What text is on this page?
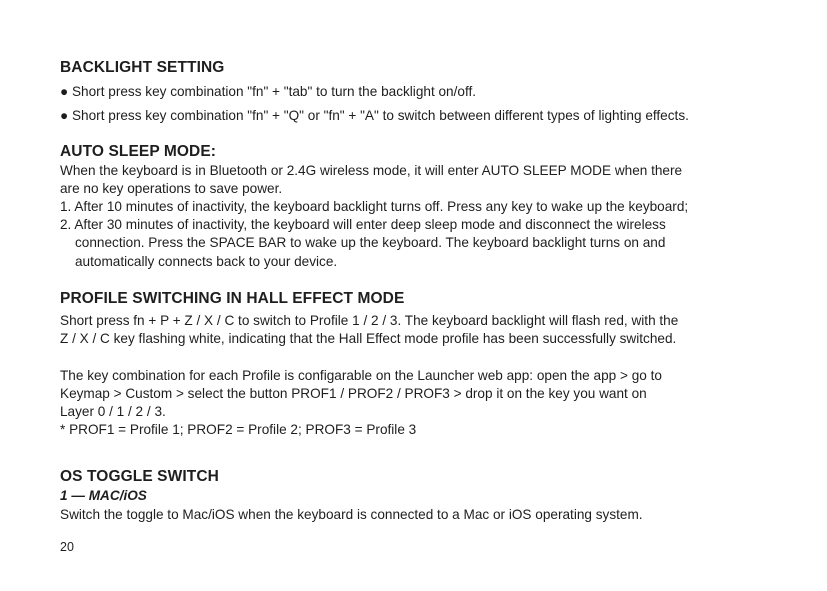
BACKLIGHT SETTING

● Short press key combination "fn" + "tab" to turn the backlight on/off.

● Short press key combination "fn" + "Q" or "fn" + "A" to switch between different types of lighting effects.

AUTO SLEEP MODE:

When the keyboard is in Bluetooth or 2.4G wireless mode, it will enter AUTO SLEEP MODE when there

are no key operations to save power.

1. After 10 minutes of inactivity, the keyboard backlight turns off. Press any key to wake up the keyboard;

2. After 30 minutes of inactivity, the keyboard will enter deep sleep mode and disconnect the wireless

connection. Press the SPACE BAR to wake up the keyboard. The keyboard backlight turns on and

automatically connects back to your device.

PROFILE SWITCHING IN HALL EFFECT MODE

Short press fn + P + Z / X / C to switch to Profile 1 / 2 / 3. The keyboard backlight will flash red, with the

Z / X / C key flashing white, indicating that the Hall Effect mode profile has been successfully switched.

The key combination for each Profile is configarable on the Launcher web app: open the app > go to

Keymap > Custom > select the button PROF1 / PROF2 / PROF3 > drop it on the key you want on

Layer 0 / 1 / 2 / 3.

* PROF1 = Profile 1; PROF2 = Profile 2; PROF3 = Profile 3

OS TOGGLE SWITCH

1 — MAC/iOS

Switch the toggle to Mac/iOS when the keyboard is connected to a Mac or iOS operating system.

20
